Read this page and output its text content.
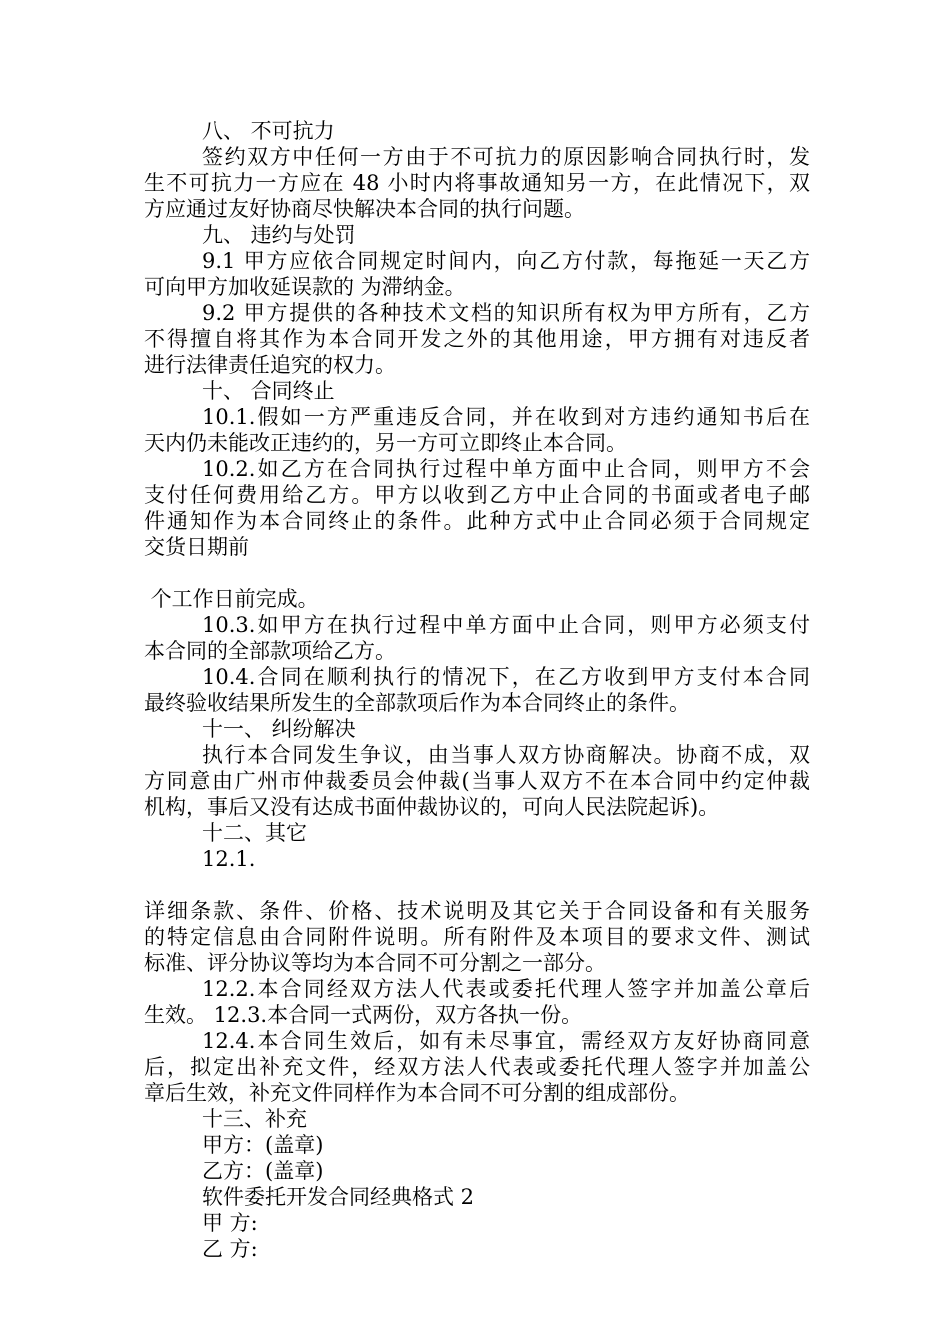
八、 不可抗力
签约双方中任何一方由于不可抗力的原因影响合同执行时，发
生不可抗力一方应在 48 小时内将事故通知另一方，在此情况下，双
方应通过友好协商尽快解决本合同的执行问题。
九、 违约与处罚
9.1 甲方应依合同规定时间内，向乙方付款，每拖延一天乙方
可向甲方加收延误款的 为滞纳金。
9.2 甲方提供的各种技术文档的知识所有权为甲方所有，乙方
不得擅自将其作为本合同开发之外的其他用途，甲方拥有对违反者
进行法律责任追究的权力。
十、 合同终止
10.1.假如一方严重违反合同，并在收到对方违约通知书后在
天内仍未能改正违约的，另一方可立即终止本合同。
10.2.如乙方在合同执行过程中单方面中止合同，则甲方不会
支付任何费用给乙方。甲方以收到乙方中止合同的书面或者电子邮
件通知作为本合同终止的条件。此种方式中止合同必须于合同规定
交货日期前
个工作日前完成。
10.3.如甲方在执行过程中单方面中止合同，则甲方必须支付
本合同的全部款项给乙方。
10.4.合同在顺利执行的情况下，在乙方收到甲方支付本合同
最终验收结果所发生的全部款项后作为本合同终止的条件。
十一、 纠纷解决
执行本合同发生争议，由当事人双方协商解决。协商不成，双
方同意由广州市仲裁委员会仲裁(当事人双方不在本合同中约定仲裁
机构，事后又没有达成书面仲裁协议的，可向人民法院起诉)。
十二、其它
12.1.
详细条款、条件、价格、技术说明及其它关于合同设备和有关服务
的特定信息由合同附件说明。所有附件及本项目的要求文件、测试
标准、评分协议等均为本合同不可分割之一部分。
12.2.本合同经双方法人代表或委托代理人签字并加盖公章后
生效。 12.3.本合同一式两份，双方各执一份。
12.4.本合同生效后，如有未尽事宜，需经双方友好协商同意
后，拟定出补充文件，经双方法人代表或委托代理人签字并加盖公
章后生效，补充文件同样作为本合同不可分割的组成部份。
十三、补充
甲方：(盖章)
乙方：(盖章)
软件委托开发合同经典格式 2
甲 方:
乙 方:
